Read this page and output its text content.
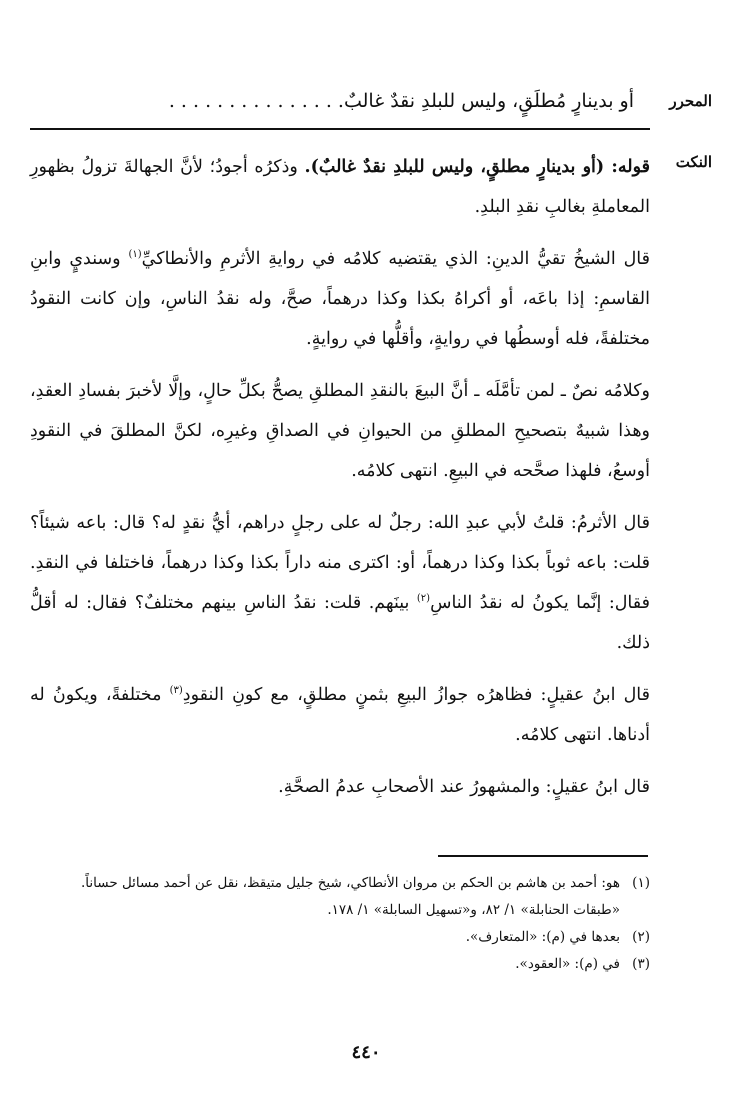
المحرر
النكت
أو بدينارٍ مُطلَقٍ، وليس للبلدِ نقدٌ غالبٌ. . . . . . . . . . . . . . .

قوله: (أو بدينارٍ مطلقٍ، وليس للبلدِ نقدٌ غالبٌ). وذكرُه أجودُ؛ لأنَّ الجهالةَ تزولُ بظهورِ المعاملةِ بغالبِ نقدِ البلدِ.

قال الشيخُ تقيُّ الدينِ: الذي يقتضيه كلامُه في روايةِ الأثرمِ والأنطاكيِّ$^{(١)}$ وسنديٍ وابنِ القاسمِ: إذا باعَه، أو أكراهُ بكذا وكذا درهماً، صحَّ، وله نقدُ الناسِ، وإن كانت النقودُ مختلفةً، فله أوسطُها في روايةٍ، وأقلُّها في روايةٍ.

وكلامُه نصٌ ـ لمن تأمَّلَه ـ أنَّ البيعَ بالنقدِ المطلقِ يصحُّ بكلِّ حالٍ، وإلَّا لأخبرَ بفسادِ العقدِ، وهذا شبيهٌ بتصحيحِ المطلقِ من الحيوانِ في الصداقِ وغيرِه، لكنَّ المطلقَ في النقودِ أوسعُ، فلهذا صحَّحه في البيعِ. انتهى كلامُه.

قال الأثرمُ: قلتُ لأبي عبدِ الله: رجلٌ له على رجلٍ دراهم، أيُّ نقدٍ له؟ قال: باعه شيئاً؟ قلت: باعه ثوباً بكذا وكذا درهماً، أو: اكترى منه داراً بكذا وكذا درهماً، فاختلفا في النقدِ. فقال: إنَّما يكونُ له نقدُ الناسِ$^{(٢)}$ بينَهم. قلت: نقدُ الناسِ بينهم مختلفٌ؟ فقال: له أقلُّ ذلك.

قال ابنُ عقيلٍ: فظاهرُه جوازُ البيعِ بثمنٍ مطلقٍ، مع كونِ النقودِ$^{(٣)}$ مختلفةً، ويكونُ له أدناها. انتهى كلامُه.

قال ابنُ عقيلٍ: والمشهورُ عند الأصحابِ عدمُ الصحَّةِ.

(١)
هو: أحمد بن هاشم بن الحكم بن مروان الأنطاكي، شيخ جليل متيقظ، نقل عن أحمد مسائل حساناً.
«طبقات الحنابلة» ١/ ٨٢، و«تسهيل السابلة» ١/ ١٧٨.
(٢)
بعدها في (م): «المتعارف».
(٣)
في (م): «العقود».
٤٤٠
